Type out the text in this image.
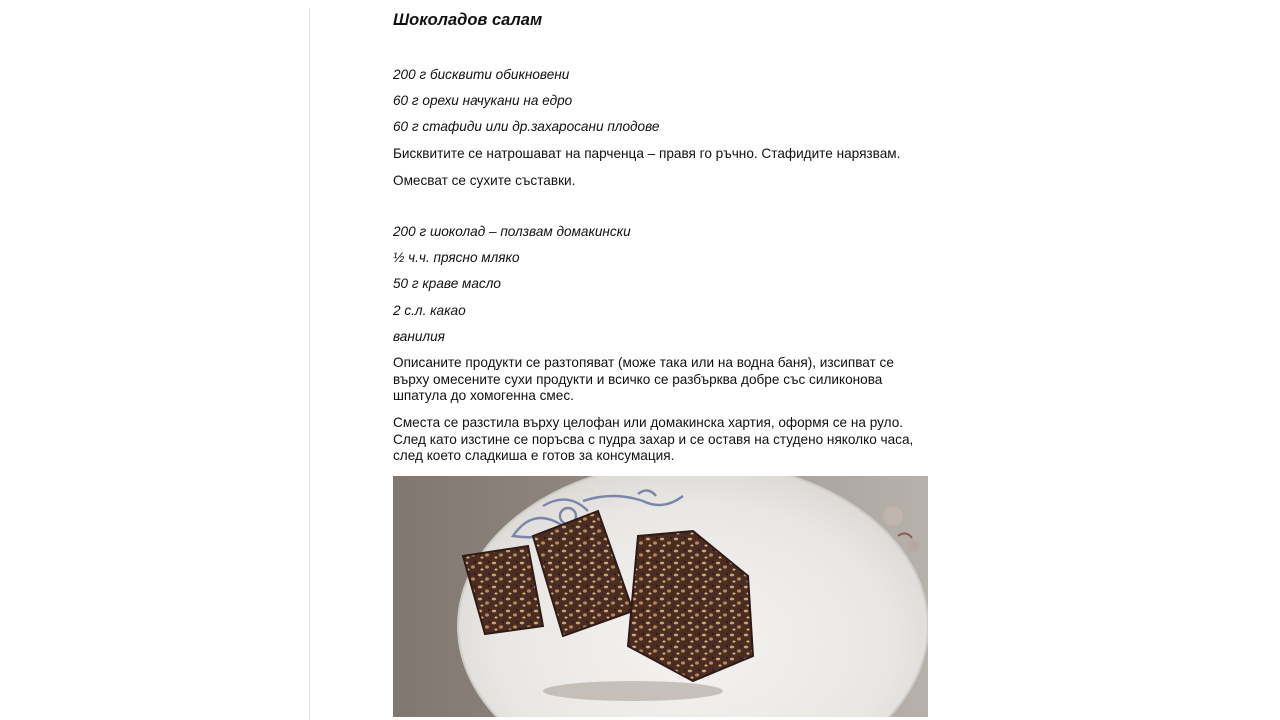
Шоколадов салам
200 г бисквити обикновени
60 г орехи начукани на едро
60 г стафиди или др.захаросани плодове
Бисквитите се натрошават на парченца – правя го ръчно. Стафидите нарязвам.
Омесват се сухите съставки.
200 г шоколад – ползвам домакински
½ ч.ч. прясно мляко
50 г краве масло
2 с.л. какао
ванилия
Описаните продукти се разтопяват (може така или на водна баня), изсипват се
върху омесените сухи продукти и всичко се разбърква добре със силиконова
шпатула до хомогенна смес.
Сместа се разстила върху целофан или домакинска хартия, оформя се на руло.
След като изстине се поръсва с пудра захар и се оставя на студено няколко часа,
след което сладкиша е готов за консумация.
